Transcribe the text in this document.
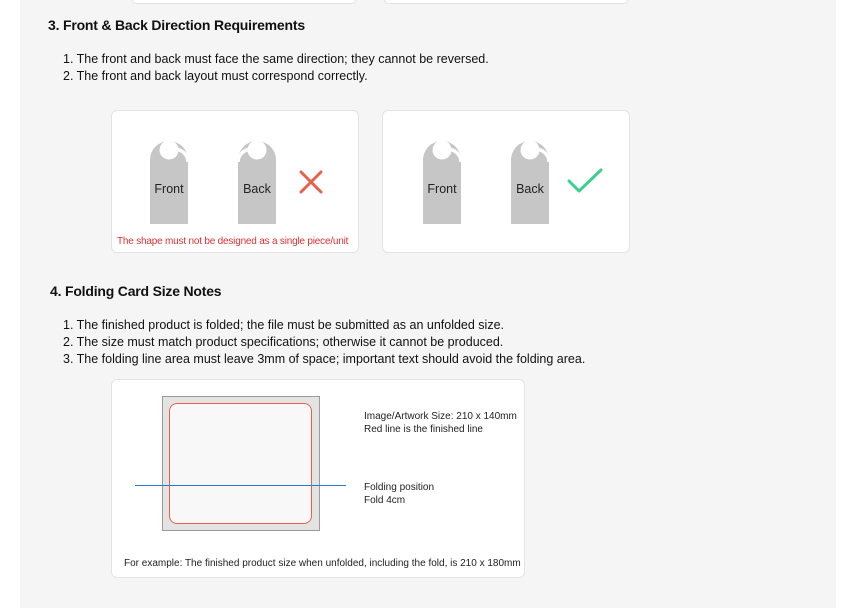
3. Front & Back Direction Requirements
1. The front and back must face the same direction; they cannot be reversed.
2. The front and back layout must correspond correctly.
Front	Back
The shape must not be designed as a single piece/unit
Front	Back
4. Folding Card Size Notes
1. The finished product is folded; the file must be submitted as an unfolded size.
2. The size must match product specifications; otherwise it cannot be produced.
3. The folding line area must leave 3mm of space; important text should avoid the folding area.
Image/Artwork Size: 210 x 140mm
Red line is the finished line
Folding position
Fold 4cm
For example: The finished product size when unfolded, including the fold, is 210 x 180mm
